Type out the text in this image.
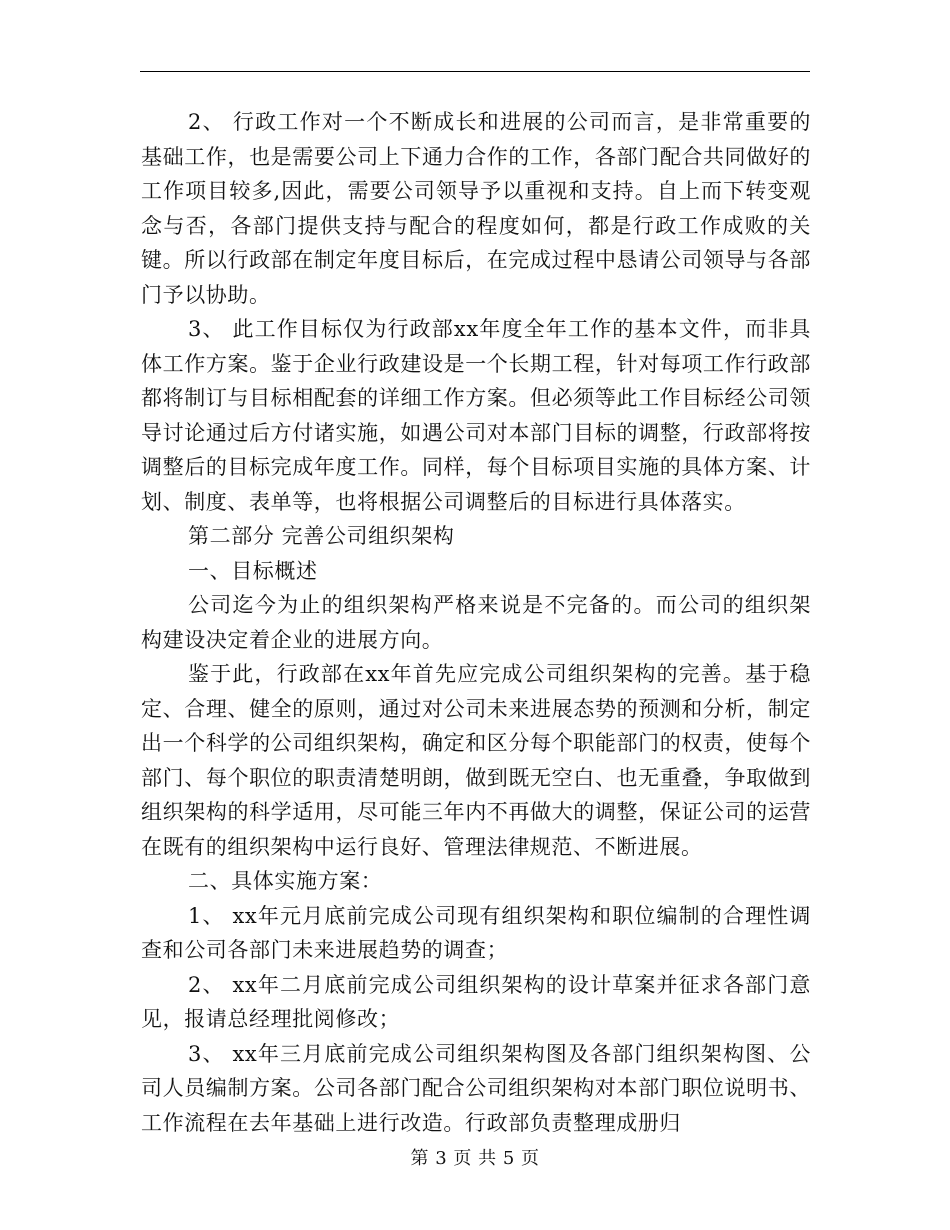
2、 行政工作对一个不断成长和进展的公司而言，是非常重要的基础工作，也是需要公司上下通力合作的工作，各部门配合共同做好的工作项目较多,因此，需要公司领导予以重视和支持。自上而下转变观念与否，各部门提供支持与配合的程度如何，都是行政工作成败的关键。所以行政部在制定年度目标后，在完成过程中恳请公司领导与各部门予以协助。

3、 此工作目标仅为行政部xx年度全年工作的基本文件，而非具体工作方案。鉴于企业行政建设是一个长期工程，针对每项工作行政部都将制订与目标相配套的详细工作方案。但必须等此工作目标经公司领导讨论通过后方付诸实施，如遇公司对本部门目标的调整，行政部将按调整后的目标完成年度工作。同样，每个目标项目实施的具体方案、计划、制度、表单等，也将根据公司调整后的目标进行具体落实。

第二部分 完善公司组织架构

一、目标概述

公司迄今为止的组织架构严格来说是不完备的。而公司的组织架构建设决定着企业的进展方向。

鉴于此，行政部在xx年首先应完成公司组织架构的完善。基于稳定、合理、健全的原则，通过对公司未来进展态势的预测和分析，制定出一个科学的公司组织架构，确定和区分每个职能部门的权责，使每个部门、每个职位的职责清楚明朗，做到既无空白、也无重叠，争取做到组织架构的科学适用，尽可能三年内不再做大的调整，保证公司的运营在既有的组织架构中运行良好、管理法律规范、不断进展。

二、具体实施方案：

1、 xx年元月底前完成公司现有组织架构和职位编制的合理性调查和公司各部门未来进展趋势的调查；

2、 xx年二月底前完成公司组织架构的设计草案并征求各部门意见，报请总经理批阅修改；

3、 xx年三月底前完成公司组织架构图及各部门组织架构图、公司人员编制方案。公司各部门配合公司组织架构对本部门职位说明书、工作流程在去年基础上进行改造。行政部负责整理成册归

第 3 页 共 5 页
